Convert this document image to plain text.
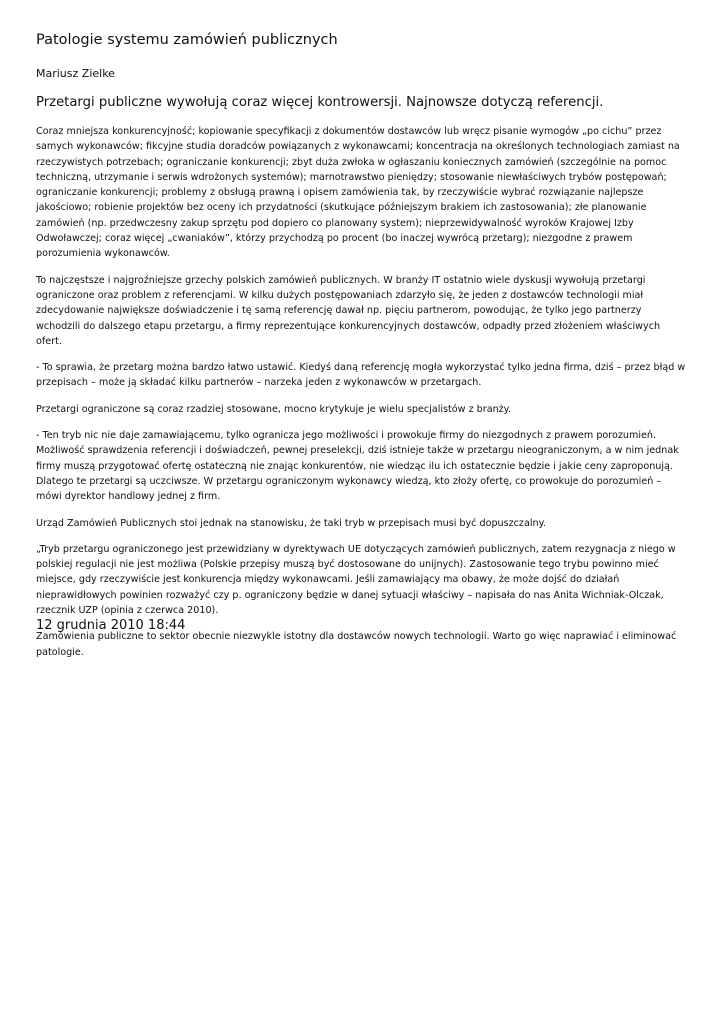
Patologie systemu zamówień publicznych
Mariusz Zielke
Przetargi publiczne wywołują coraz więcej kontrowersji. Najnowsze dotyczą referencji.

Coraz mniejsza konkurencyjność; kopiowanie specyfikacji z dokumentów dostawców lub wręcz pisanie wymogów „po cichu” przez samych wykonawców; fikcyjne studia doradców powiązanych z wykonawcami; koncentracja na określonych technologiach zamiast na rzeczywistych potrzebach; ograniczanie konkurencji; zbyt duża zwłoka w ogłaszaniu koniecznych zamówień (szczególnie na pomoc techniczną, utrzymanie i serwis wdrożonych systemów); marnotrawstwo pieniędzy; stosowanie niewłaściwych trybów postępowań; ograniczanie konkurencji; problemy z obsługą prawną i opisem zamówienia tak, by rzeczywiście wybrać rozwiązanie najlepsze jakościowo; robienie projektów bez oceny ich przydatności (skutkujące późniejszym brakiem ich zastosowania); złe planowanie zamówień (np. przedwczesny zakup sprzętu pod dopiero co planowany system); nieprzewidywalność wyroków Krajowej Izby Odwoławczej; coraz więcej „cwaniaków”, którzy przychodzą po procent (bo inaczej wywrócą przetarg); niezgodne z prawem porozumienia wykonawców.

To najczęstsze i najgroźniejsze grzechy polskich zamówień publicznych. W branży IT ostatnio wiele dyskusji wywołują przetargi ograniczone oraz problem z referencjami. W kilku dużych postępowaniach zdarzyło się, że jeden z dostawców technologii miał zdecydowanie największe doświadczenie i tę samą referencję dawał np. pięciu partnerom, powodując, że tylko jego partnerzy wchodzili do dalszego etapu przetargu, a firmy reprezentujące konkurencyjnych dostawców, odpadły przed złożeniem właściwych ofert.

- To sprawia, że przetarg można bardzo łatwo ustawić. Kiedyś daną referencję mogła wykorzystać tylko jedna firma, dziś – przez błąd w przepisach – może ją składać kilku partnerów – narzeka jeden z wykonawców w przetargach.

Przetargi ograniczone są coraz rzadziej stosowane, mocno krytykuje je wielu specjalistów z branży.

- Ten tryb nic nie daje zamawiającemu, tylko ogranicza jego możliwości i prowokuje firmy do niezgodnych z prawem porozumień. Możliwość sprawdzenia referencji i doświadczeń, pewnej preselekcji, dziś istnieje także w przetargu nieograniczonym, a w nim jednak firmy muszą przygotować ofertę ostateczną nie znając konkurentów, nie wiedząc ilu ich ostatecznie będzie i jakie ceny zaproponują. Dlatego te przetargi są uczciwsze. W przetargu ograniczonym wykonawcy wiedzą, kto złoży ofertę, co prowokuje do porozumień – mówi dyrektor handlowy jednej z firm.

Urząd Zamówień Publicznych stoi jednak na stanowisku, że taki tryb w przepisach musi być dopuszczalny.

„Tryb przetargu ograniczonego jest przewidziany w dyrektywach UE dotyczących zamówień publicznych, zatem rezygnacja z niego w polskiej regulacji nie jest możliwa (Polskie przepisy muszą być dostosowane do unijnych). Zastosowanie tego trybu powinno mieć miejsce, gdy rzeczywiście jest konkurencja między wykonawcami. Jeśli zamawiający ma obawy, że może dojść do działań nieprawidłowych powinien rozważyć czy p. ograniczony będzie w danej sytuacji właściwy – napisała do nas Anita Wichniak-Olczak, rzecznik UZP (opinia z czerwca 2010).

Zamówienia publiczne to sektor obecnie niezwykle istotny dla dostawców nowych technologii. Warto go więc naprawiać i eliminować patologie.

12 grudnia 2010 18:44
